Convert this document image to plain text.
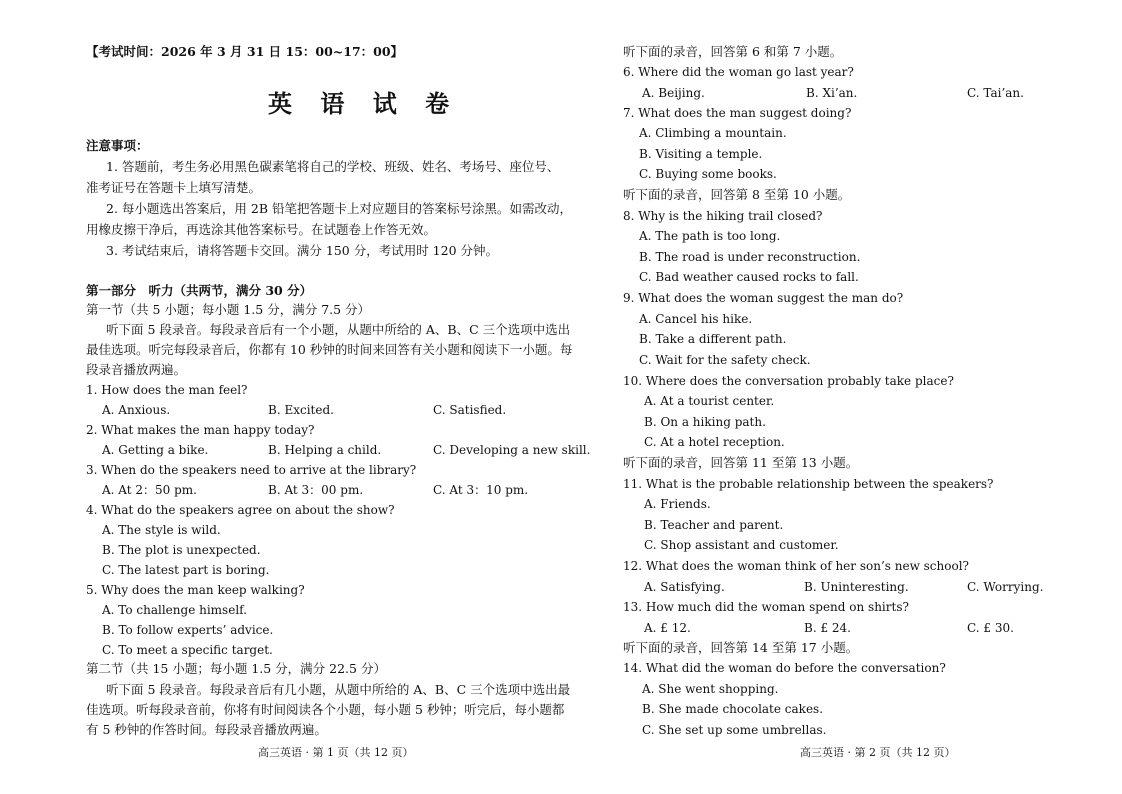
【考试时间：2026 年 3 月 31 日 15：00~17：00】
英 语 试 卷
注意事项：
1. 答题前，考生务必用黑色碳素笔将自己的学校、班级、姓名、考场号、座位号、
准考证号在答题卡上填写清楚。
2. 每小题选出答案后，用 2B 铅笔把答题卡上对应题目的答案标号涂黑。如需改动，
用橡皮擦干净后，再选涂其他答案标号。在试题卷上作答无效。
3. 考试结束后，请将答题卡交回。满分 150 分，考试用时 120 分钟。
第一部分　听力（共两节，满分 30 分）
第一节（共 5 小题；每小题 1.5 分，满分 7.5 分）
听下面 5 段录音。每段录音后有一个小题，从题中所给的 A、B、C 三个选项中选出
最佳选项。听完每段录音后，你都有 10 秒钟的时间来回答有关小题和阅读下一小题。每
段录音播放两遍。
1. How does the man feel?
A. Anxious.	B. Excited.	C. Satisfied.
2. What makes the man happy today?
A. Getting a bike.	B. Helping a child.	C. Developing a new skill.
3. When do the speakers need to arrive at the library?
A. At 2：50 pm.	B. At 3：00 pm.	C. At 3：10 pm.
4. What do the speakers agree on about the show?
A. The style is wild.
B. The plot is unexpected.
C. The latest part is boring.
5. Why does the man keep walking?
A. To challenge himself.
B. To follow experts’ advice.
C. To meet a specific target.
第二节（共 15 小题；每小题 1.5 分，满分 22.5 分）
听下面 5 段录音。每段录音后有几小题，从题中所给的 A、B、C 三个选项中选出最
佳选项。听每段录音前，你将有时间阅读各个小题，每小题 5 秒钟；听完后，每小题都
有 5 秒钟的作答时间。每段录音播放两遍。
高三英语 · 第 1 页（共 12 页）
听下面的录音，回答第 6 和第 7 小题。
6. Where did the woman go last year?
A. Beijing.	B. Xi’an.	C. Tai’an.
7. What does the man suggest doing?
A. Climbing a mountain.
B. Visiting a temple.
C. Buying some books.
听下面的录音，回答第 8 至第 10 小题。
8. Why is the hiking trail closed?
A. The path is too long.
B. The road is under reconstruction.
C. Bad weather caused rocks to fall.
9. What does the woman suggest the man do?
A. Cancel his hike.
B. Take a different path.
C. Wait for the safety check.
10. Where does the conversation probably take place?
A. At a tourist center.
B. On a hiking path.
C. At a hotel reception.
听下面的录音，回答第 11 至第 13 小题。
11. What is the probable relationship between the speakers?
A. Friends.
B. Teacher and parent.
C. Shop assistant and customer.
12. What does the woman think of her son’s new school?
A. Satisfying.	B. Uninteresting.	C. Worrying.
13. How much did the woman spend on shirts?
A. £ 12.	B. £ 24.	C. £ 30.
听下面的录音，回答第 14 至第 17 小题。
14. What did the woman do before the conversation?
A. She went shopping.
B. She made chocolate cakes.
C. She set up some umbrellas.
高三英语 · 第 2 页（共 12 页）
